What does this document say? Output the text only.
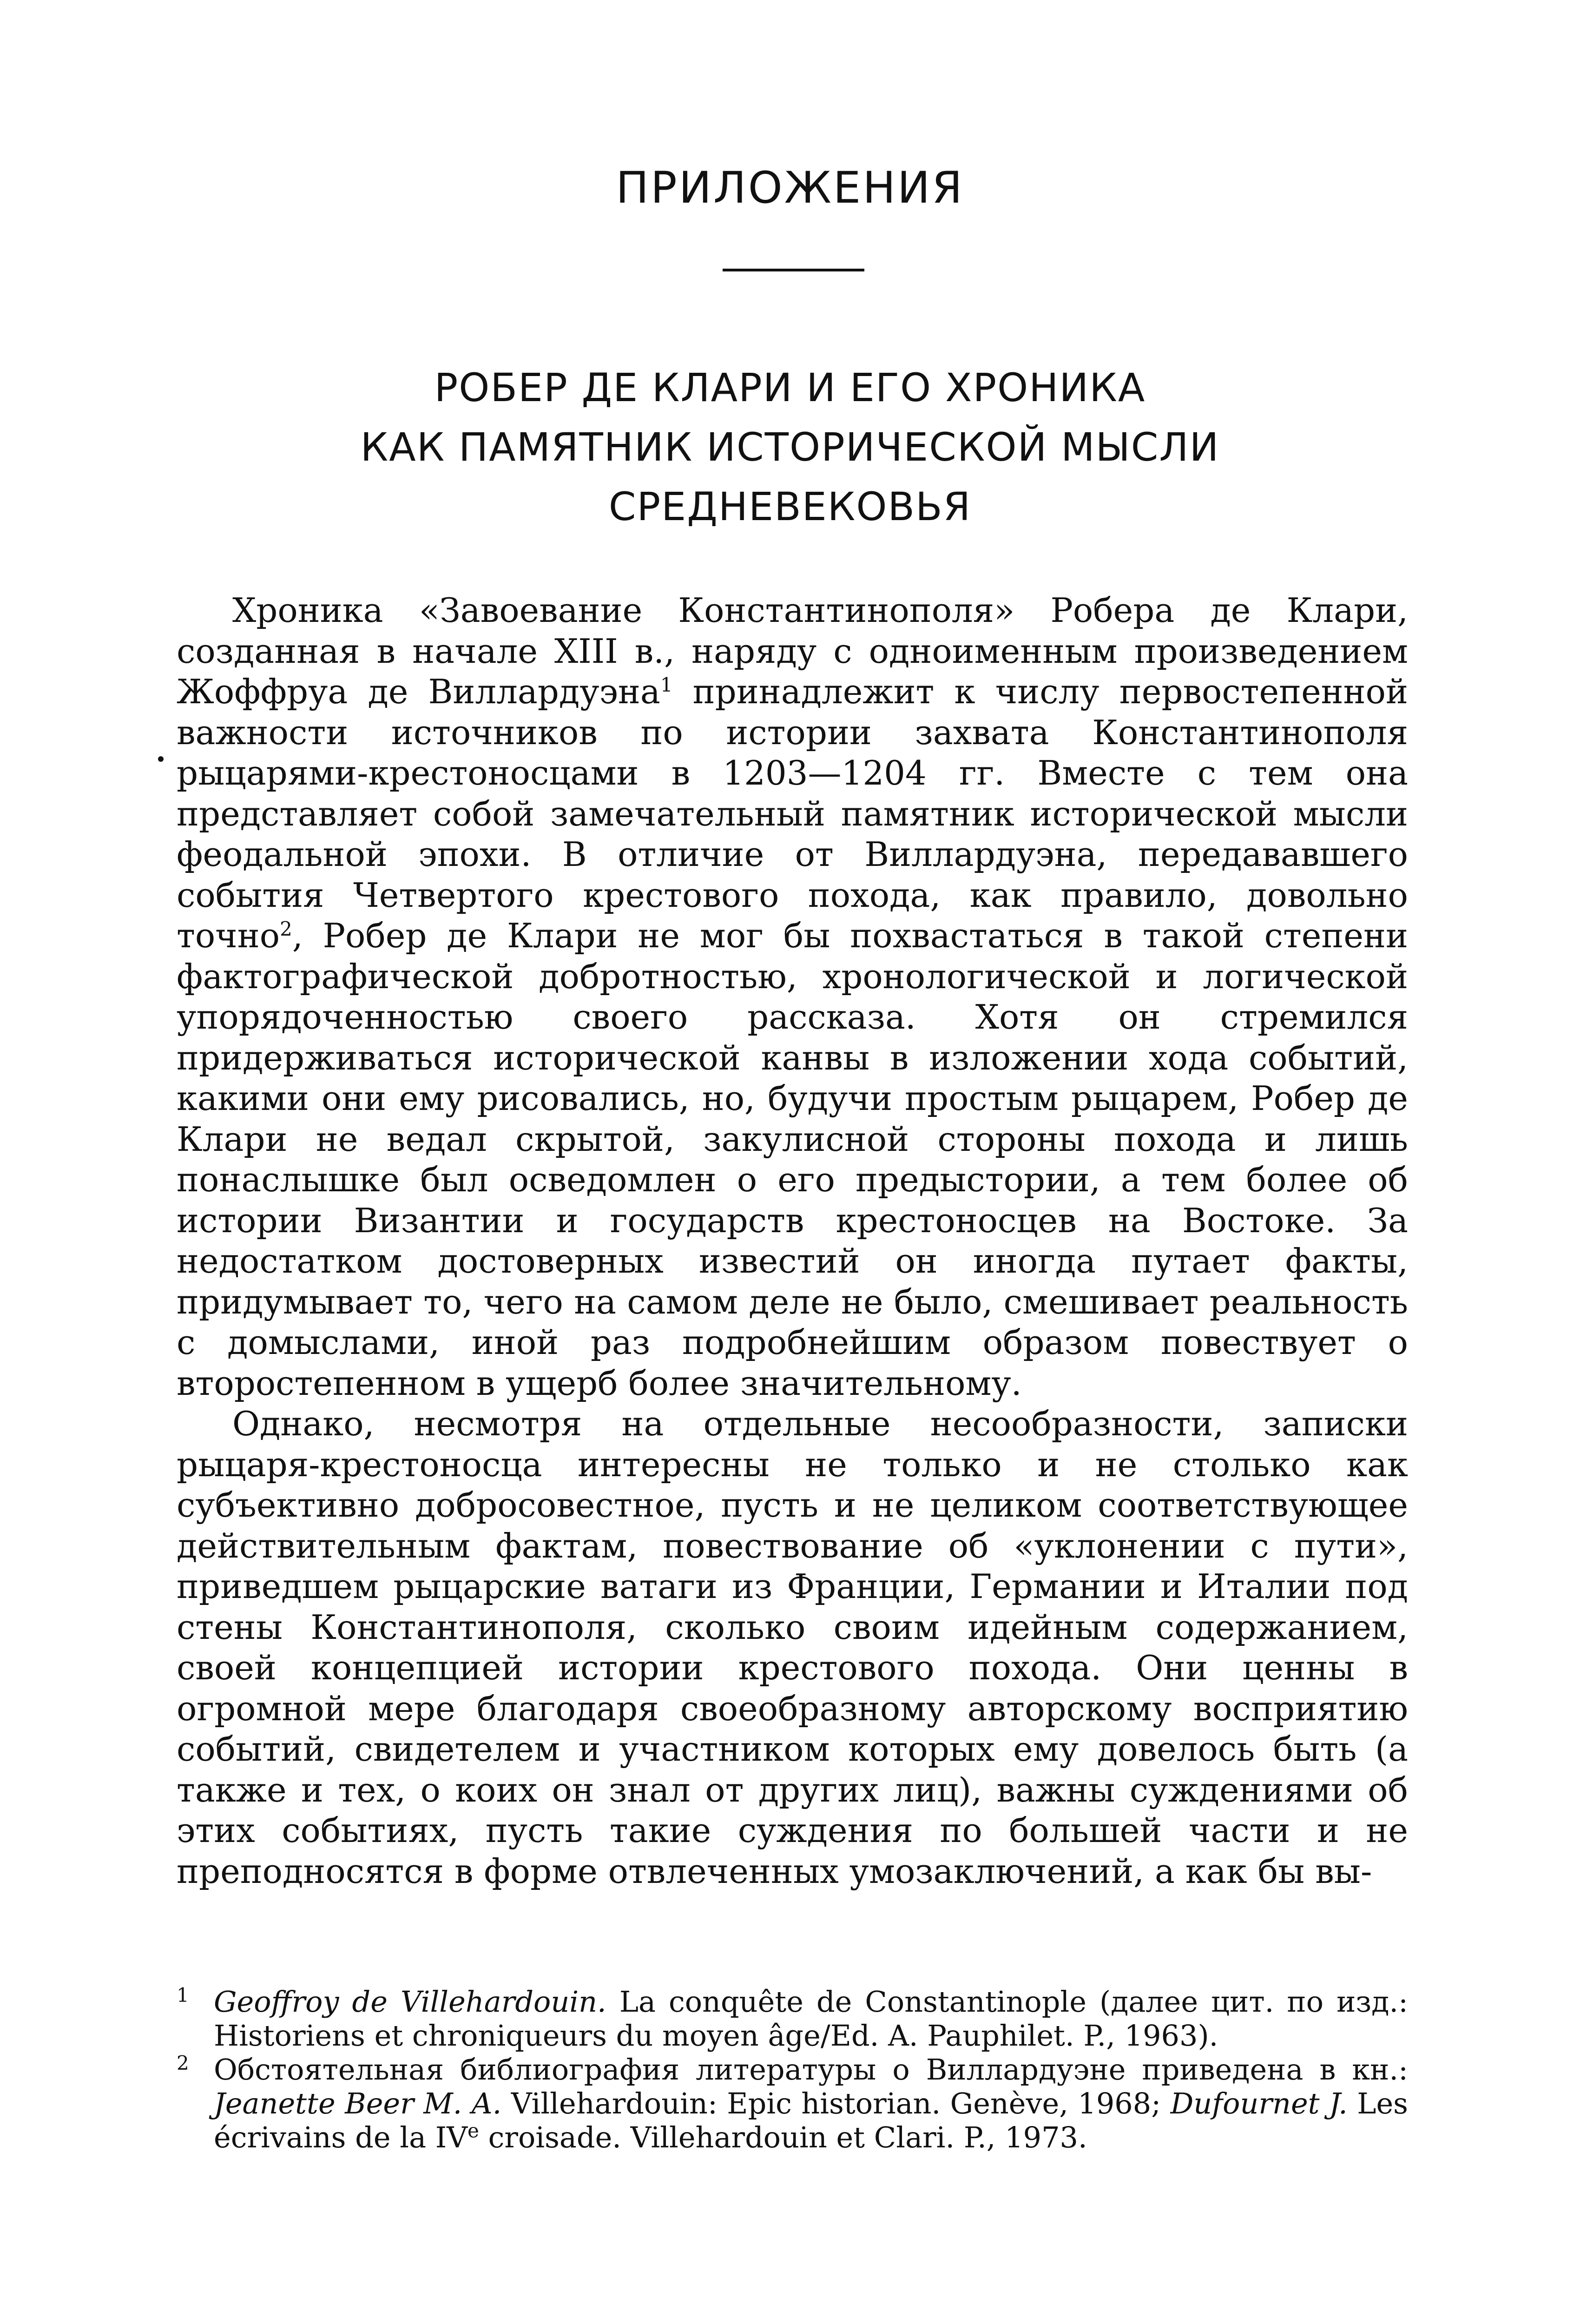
ПРИЛОЖЕНИЯ
РОБЕР ДЕ КЛАРИ И ЕГО ХРОНИКА
КАК ПАМЯТНИК ИСТОРИЧЕСКОЙ МЫСЛИ
СРЕДНЕВЕКОВЬЯ

Хроника «Завоевание Константинополя» Робера де Клари, созданная в начале XIII в., наряду с одноименным произведением Жоффруа де Виллардуэна$^1$ принадлежит к числу первостепенной важности источников по истории захвата Константинополя рыцарями-крестоносцами в 1203—1204 гг. Вместе с тем она представляет собой замечательный памятник исторической мысли феодальной эпохи. В отличие от Виллардуэна, передававшего события Четвертого крестового похода, как правило, довольно точно$^2$, Робер де Клари не мог бы похвастаться в такой степени фактографической добротностью, хронологической и логической упорядоченностью своего рассказа. Хотя он стремился придерживаться исторической канвы в изложении хода событий, какими они ему рисовались, но, будучи простым рыцарем, Робер де Клари не ведал скрытой, закулисной стороны похода и лишь понаслышке был осведомлен о его предыстории, а тем более об истории Византии и государств крестоносцев на Востоке. За недостатком достоверных известий он иногда путает факты, придумывает то, чего на самом деле не было, смешивает реальность с домыслами, иной раз подробнейшим образом повествует о второстепенном в ущерб более значительному.

Однако, несмотря на отдельные несообразности, записки рыцаря-крестоносца интересны не только и не столько как субъективно добросовестное, пусть и не целиком соответствующее действительным фактам, повествование об «уклонении с пути», приведшем рыцарские ватаги из Франции, Германии и Италии под стены Константинополя, сколько своим идейным содержанием, своей концепцией истории крестового похода. Они ценны в огромной мере благодаря своеобразному авторскому восприятию событий, свидетелем и участником которых ему довелось быть (а также и тех, о коих он знал от других лиц), важны суждениями об этих событиях, пусть такие суждения по большей части и не преподносятся в форме отвлеченных умозаключений, а как бы вы-

1 Geoffroy de Villehardouin. La conquête de Constantinople (далее цит. по изд.: Historiens et chroniqueurs du moyen âge/Ed. A. Pauphilet. P., 1963).

2 Обстоятельная библиография литературы о Виллардуэне приведена в кн.: Jeanette Beer M. A. Villehardouin: Epic historian. Genève, 1968; Dufournet J. Les écrivains de la IVe croisade. Villehardouin et Clari. P., 1973.
